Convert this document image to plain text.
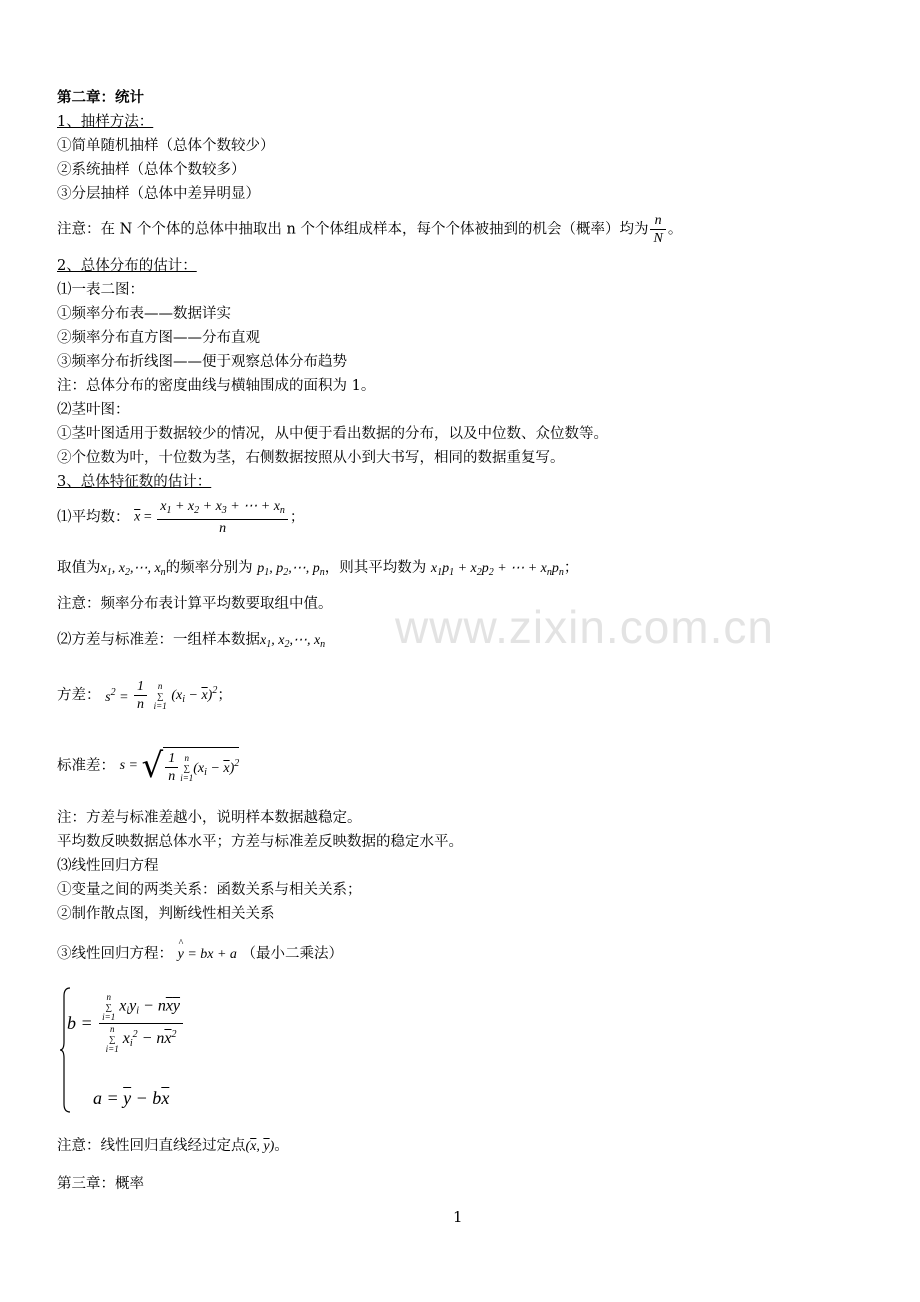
www.zixin.com.cn
第二章：统计
1、抽样方法：
①简单随机抽样（总体个数较少）
②系统抽样（总体个数较多）
③分层抽样（总体中差异明显）
注意：在 N 个个体的总体中抽取出 n 个个体组成样本，每个个体被抽到的机会（概率）均为 $\frac{n}{N}$ 。
2、总体分布的估计：
⑴一表二图：
①频率分布表——数据详实
②频率分布直方图——分布直观
③频率分布折线图——便于观察总体分布趋势
注：总体分布的密度曲线与横轴围成的面积为 1。
⑵茎叶图：
①茎叶图适用于数据较少的情况，从中便于看出数据的分布，以及中位数、众位数等。
②个位数为叶，十位数为茎，右侧数据按照从小到大书写，相同的数据重复写。
3、总体特征数的估计：
⑴平均数： $\overline{x} = \frac{x_1 + x_2 + x_3 + \cdots + x_n}{n}$ ；
取值为$x_1$, $x_2,\cdots$, $x_n$的频率分别为 $p_1$, $p_2,\cdots$, $p_n$，则其平均数为 $x_1p_1 + x_2p_2$ + ⋯ + $x_np_n$；
注意：频率分布表计算平均数要取组中值。
⑵方差与标准差：一组样本数据$x_1$, $x_2,\cdots$, $x_n$
方差： $s^2 = \frac{1}{n}$
	n
∑
i=1
$(x_i - \overline{x})^2$；
标准差： s = √ $\frac{1}{n}$ n
∑
i=1
$(x_i - \overline{x})^2$
注：方差与标准差越小，说明样本数据越稳定。
平均数反映数据总体水平；方差与标准差反映数据的稳定水平。
⑶线性回归方程
①变量之间的两类关系：函数关系与相关关系；
②制作散点图，判断线性相关关系
③线性回归方程： y
^
= bx + a （最小二乘法）
b = n
∑
i=1
$x_iy_i - n\overline{x}\overline{y}$
n
∑
i=1
$x_i^2 - n\overline{x}^2$
$a = \overline{y} - b\overline{x}$
注意：线性回归直线经过定点($\overline{x}$, $\overline{y}$)。
第三章：概率
1
